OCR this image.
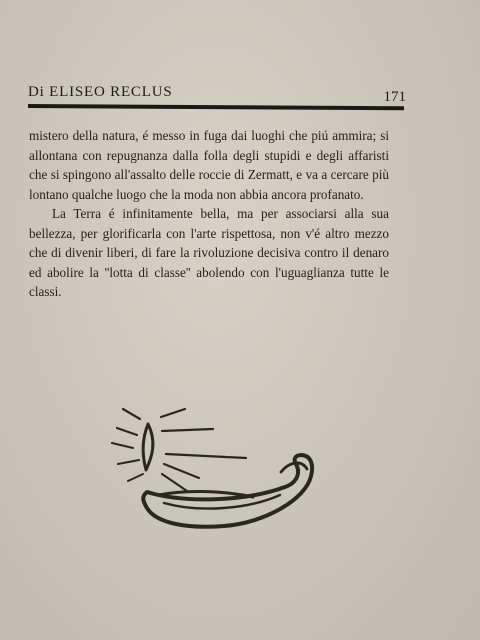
Di ELISEO RECLUS	171

mistero della natura, é messo in fuga dai luoghi che piú ammira; si allontana con repugnanza dalla folla degli stupidi e degli affaristi che si spingono all'assalto delle roccie di Zermatt, e va a cercare più lontano qualche luogo che la moda non abbia ancora profanato.

La Terra é infinitamente bella, ma per associarsi alla sua bellezza, per glorificarla con l'arte rispettosa, non v'é altro mezzo che di divenir liberi, di fare la rivoluzione decisiva contro il denaro ed abolire la ''lotta di classe'' abolendo con l'uguaglianza tutte le classi.
